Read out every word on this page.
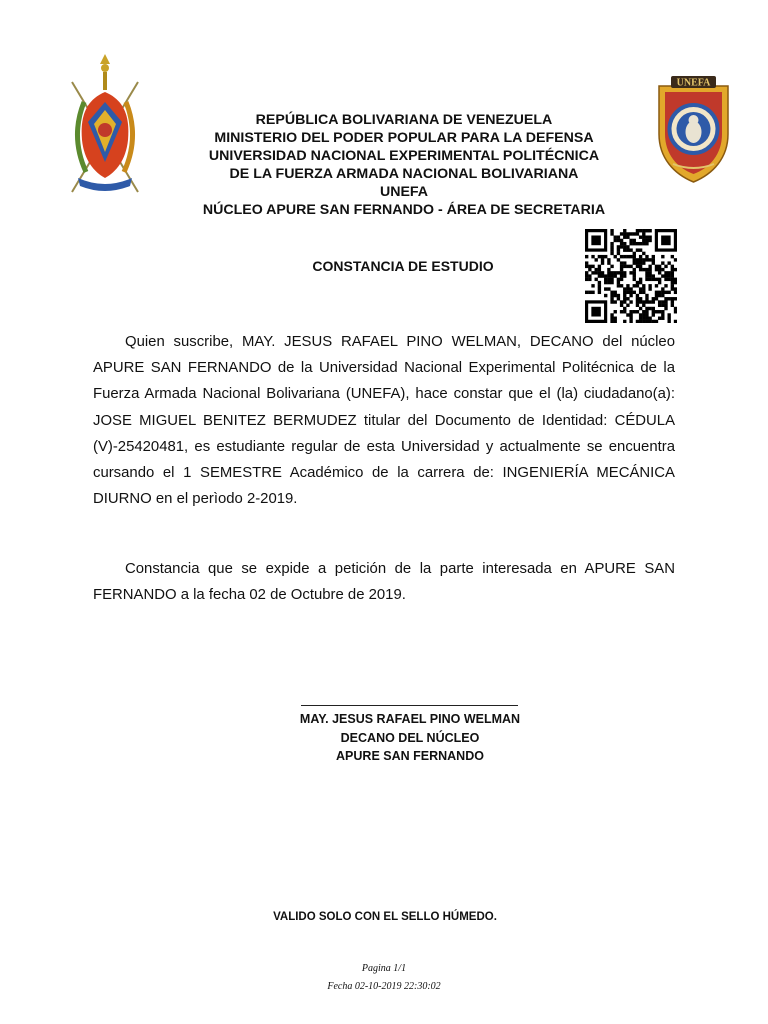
UNEFA
REPÚBLICA BOLIVARIANA DE VENEZUELA
MINISTERIO DEL PODER POPULAR PARA LA DEFENSA
UNIVERSIDAD NACIONAL EXPERIMENTAL POLITÉCNICA
DE LA FUERZA ARMADA NACIONAL BOLIVARIANA
UNEFA
NÚCLEO APURE SAN FERNANDO - ÁREA DE SECRETARIA
CONSTANCIA DE ESTUDIO

Quien suscribe, MAY. JESUS RAFAEL PINO WELMAN, DECANO del núcleo APURE SAN FERNANDO de la Universidad Nacional Experimental Politécnica de la Fuerza Armada Nacional Bolivariana (UNEFA), hace constar que el (la) ciudadano(a): JOSE MIGUEL BENITEZ BERMUDEZ titular del Documento de Identidad: CÉDULA (V)-25420481, es estudiante regular de esta Universidad y actualmente se encuentra cursando el 1 SEMESTRE Académico de la carrera de: INGENIERÍA MECÁNICA DIURNO en el perìodo 2-2019.

Constancia que se expide a petición de la parte interesada en APURE SAN FERNANDO a la fecha 02 de Octubre de 2019.

MAY. JESUS RAFAEL PINO WELMAN
DECANO DEL NÚCLEO
APURE SAN FERNANDO
VALIDO SOLO CON EL SELLO HÚMEDO.
Pagina 1/1
Fecha 02-10-2019 22:30:02
